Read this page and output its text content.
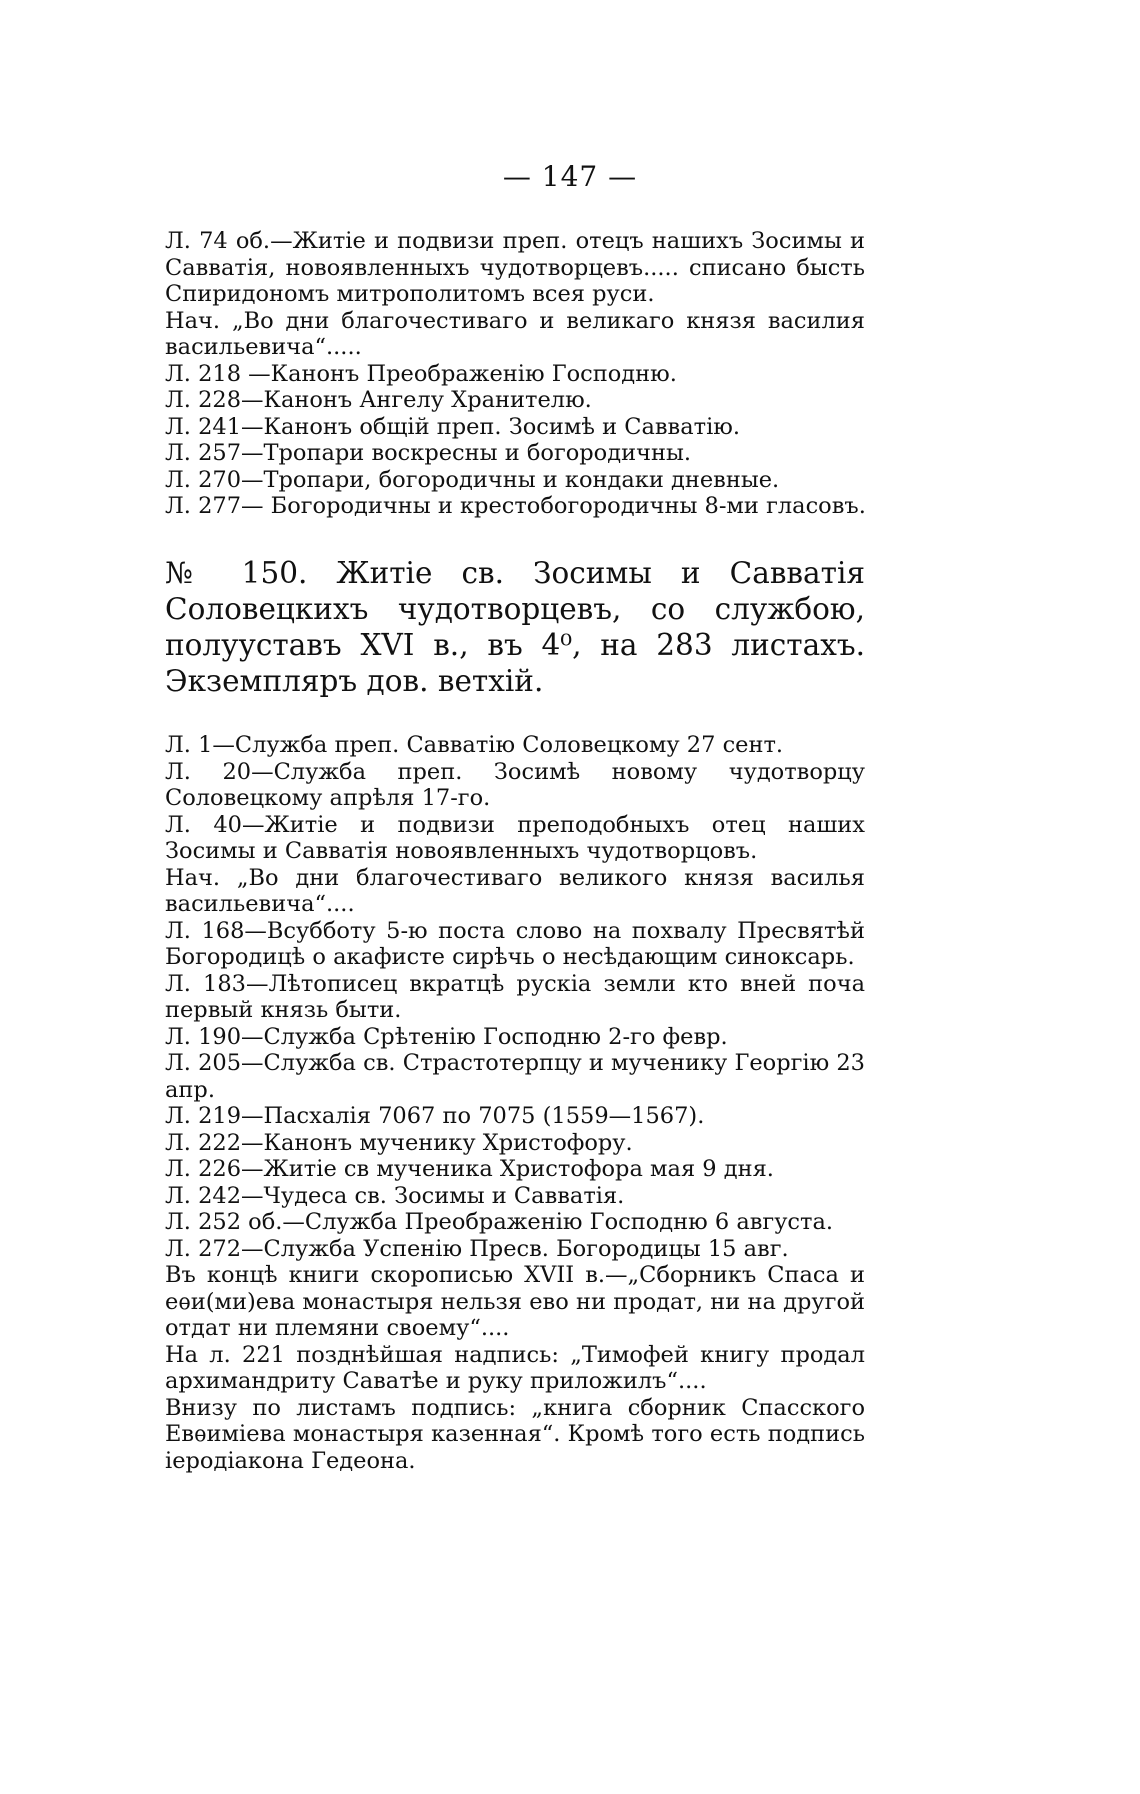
— 147 —
Л. 74 об.—Житіе и подвизи преп. отецъ нашихъ Зосимы и Савватія, новоявленныхъ чудотворцевъ..... списано бысть Спиридономъ митрополитомъ всея руси.
Нач. „Во дни благочестиваго и великаго князя василия васильевича“.....
Л. 218 —Канонъ Преображенію Господню.
Л. 228—Канонъ Ангелу Хранителю.
Л. 241—Канонъ общій преп. Зосимѣ и Савватію.
Л. 257—Тропари воскресны и богородичны.
Л. 270—Тропари, богородичны и кондаки дневные.
Л. 277— Богородичны и крестобогородичны 8-ми гласовъ.

№ 150. Житіе св. Зосимы и Савватія Соловецкихъ чудотворцевъ, со службою, полууставъ XVI в., въ 4⁰, на 283 листахъ. Экземпляръ дов. ветхій.

Л. 1—Служба преп. Савватію Соловецкому 27 сент.

Л. 20—Служба преп. Зосимѣ новому чудотворцу Соловецкому апрѣля 17-го.

Л. 40—Житіе и подвизи преподобныхъ отец наших Зосимы и Савватія новоявленныхъ чудотворцовъ.

Нач. „Во дни благочестиваго великого князя василья васильевича“....

Л. 168—Всубботу 5-ю поста слово на похвалу Пресвятѣй Богородицѣ о акафисте сирѣчь о несѣдающим синоксарь.

Л. 183—Лѣтописец вкратцѣ рускіа земли кто вней поча первый князь быти.

Л. 190—Служба Срѣтенію Господню 2-го февр.

Л. 205—Служба св. Страстотерпцу и мученику Георгію 23 апр.

Л. 219—Пасхалія 7067 по 7075 (1559—1567).

Л. 222—Канонъ мученику Христофору.

Л. 226—Житіе св мученика Христофора мая 9 дня.

Л. 242—Чудеса св. Зосимы и Савватія.

Л. 252 об.—Служба Преображенію Господню 6 августа.

Л. 272—Служба Успенію Пресв. Богородицы 15 авг.

Въ концѣ книги скорописью XVII в.—„Сборникъ Спаса и еѳи(ми)ева монастыря нельзя ево ни продат, ни на другой отдат ни племяни своему“....

На л. 221 позднѣйшая надпись: „Тимофей книгу продал архимандриту Саватѣе и руку приложилъ“....

Внизу по листамъ подпись: „книга сборник Спасского Евѳиміева монастыря казенная“. Кромѣ того есть подпись іеродіакона Гедеона.
